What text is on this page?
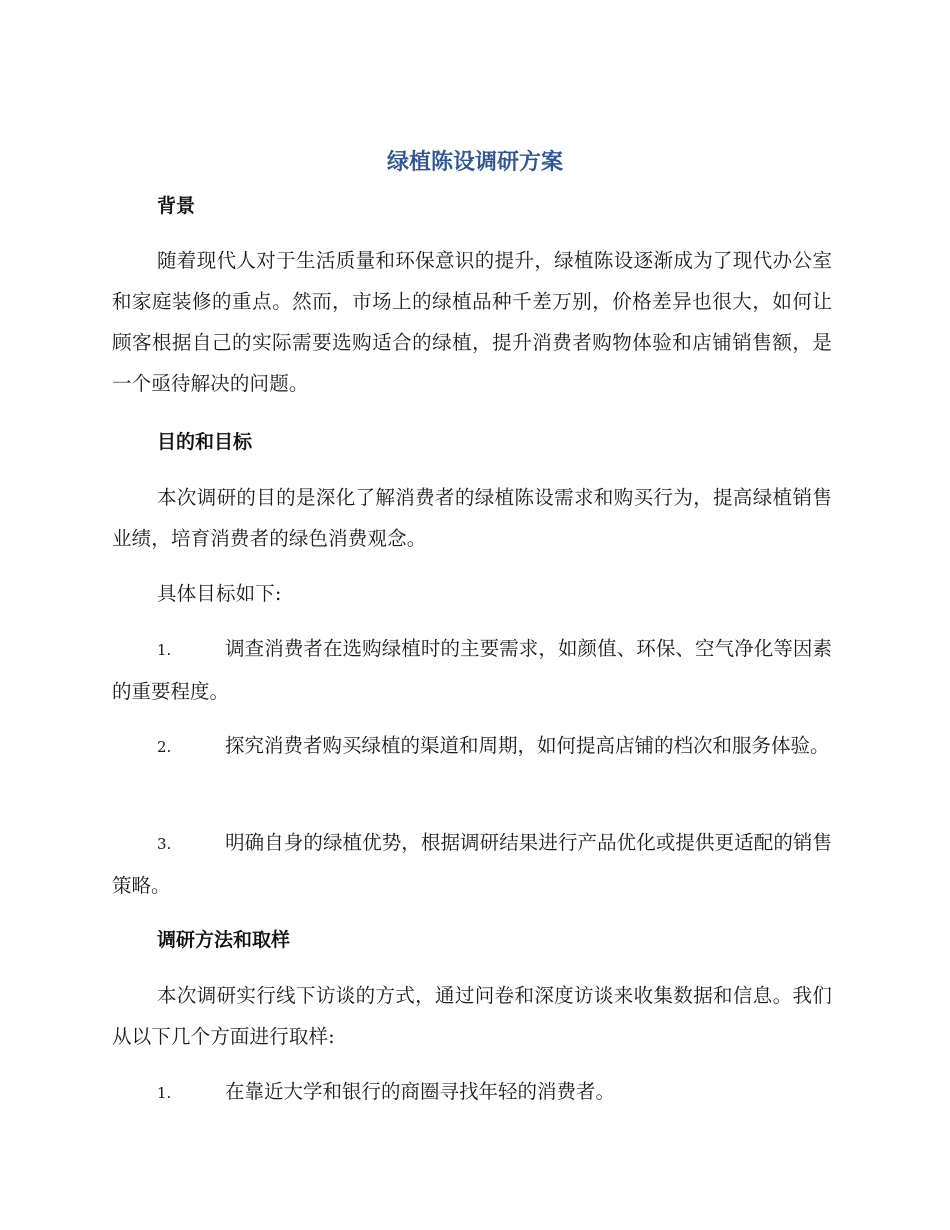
绿植陈设调研方案
背景
随着现代人对于生活质量和环保意识的提升，绿植陈设逐渐成为了现代办公室和家庭装修的重点。然而，市场上的绿植品种千差万别，价格差异也很大，如何让顾客根据自己的实际需要选购适合的绿植，提升消费者购物体验和店铺销售额，是一个亟待解决的问题。
目的和目标
本次调研的目的是深化了解消费者的绿植陈设需求和购买行为，提高绿植销售业绩，培育消费者的绿色消费观念。
具体目标如下:
1.	调查消费者在选购绿植时的主要需求，如颜值、环保、空气净化等因素的重要程度。
2.	探究消费者购买绿植的渠道和周期，如何提高店铺的档次和服务体验。
3.	明确自身的绿植优势，根据调研结果进行产品优化或提供更适配的销售策略。
调研方法和取样
本次调研实行线下访谈的方式，通过问卷和深度访谈来收集数据和信息。我们从以下几个方面进行取样:
1.	在靠近大学和银行的商圈寻找年轻的消费者。
